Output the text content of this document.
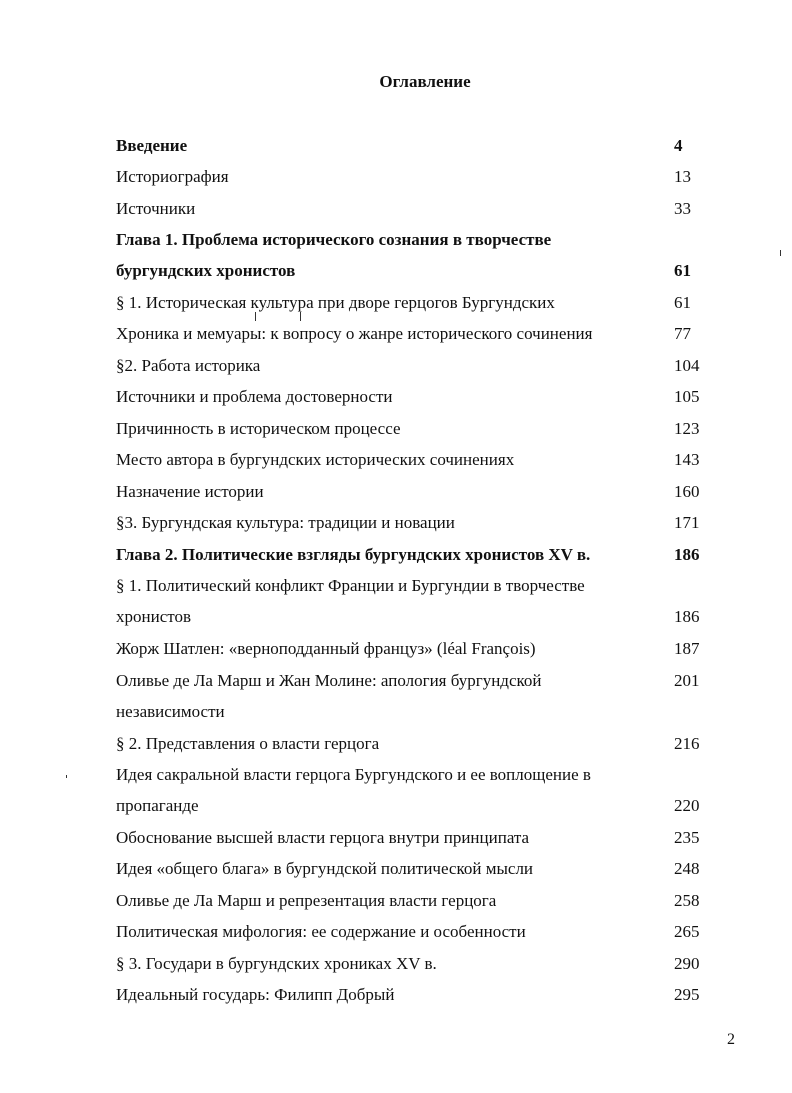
Оглавление
Введение	4
Историография	13
Источники	33
Глава 1. Проблема исторического сознания в творчестве
бургундских хронистов	61
§ 1. Историческая культура при дворе герцогов Бургундских	61
Хроника и мемуары: к вопросу о жанре исторического сочинения	77
§2. Работа историка	104
Источники и проблема достоверности	105
Причинность в историческом процессе	123
Место автора в бургундских исторических сочинениях	143
Назначение истории	160
§3. Бургундская культура: традиции и новации	171
Глава 2. Политические взгляды бургундских хронистов XV в.	186
§ 1. Политический конфликт Франции и Бургундии в творчестве
хронистов	186
Жорж Шатлен: «верноподданный француз» (léal François)	187
Оливье де Ла Марш и Жан Молине: апология бургундской	201
независимости
§ 2. Представления о власти герцога	216
Идея сакральной власти герцога Бургундского и ее воплощение в
пропаганде	220
Обоснование высшей власти герцога внутри принципата	235
Идея «общего блага» в бургундской политической мысли	248
Оливье де Ла Марш и репрезентация власти герцога	258
Политическая мифология: ее содержание и особенности	265
§ 3. Государи в бургундских хрониках XV в.	290
Идеальный государь: Филипп Добрый	295
2
